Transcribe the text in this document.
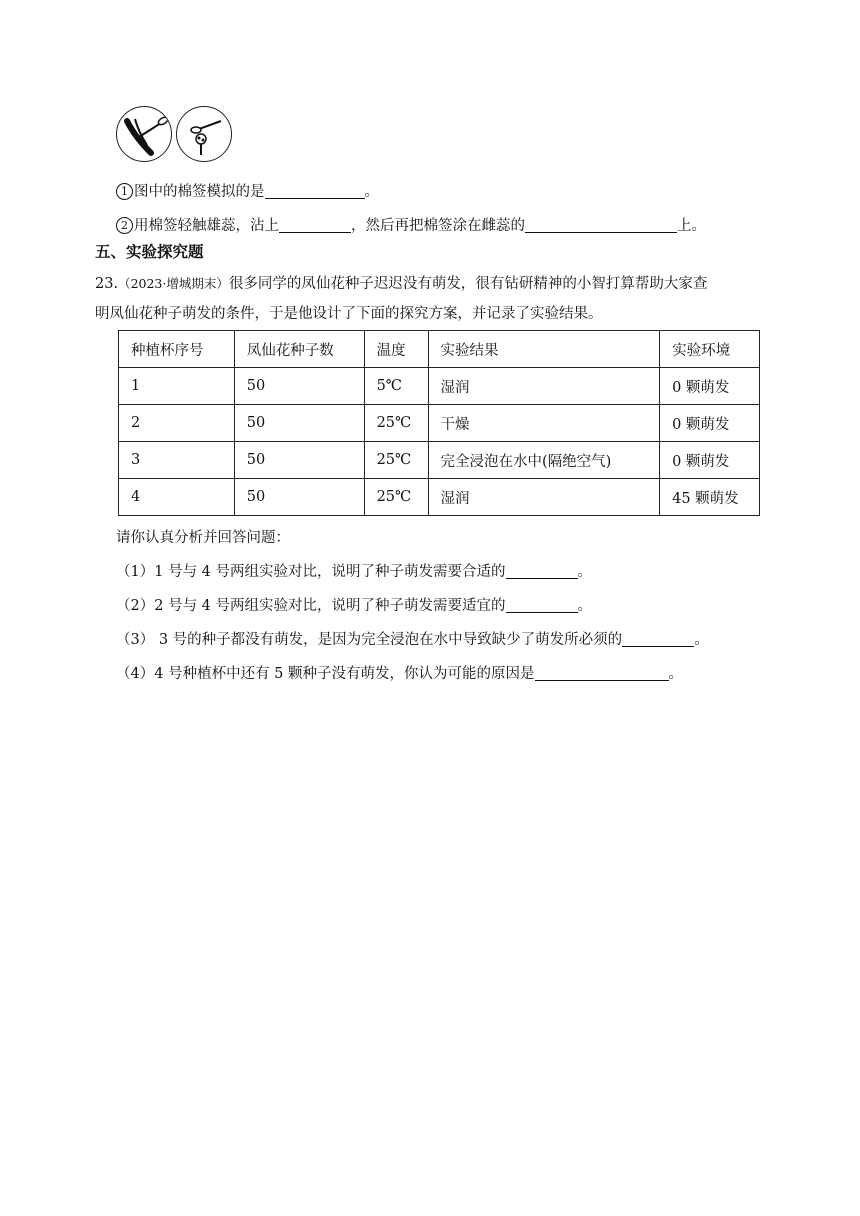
1 图中的棉签模拟的是	。
2 用棉签轻触雄蕊，沾上	，然后再把棉签涂在雌蕊的	上。
五、实验探究题
23.（2023·增城期末）很多同学的凤仙花种子迟迟没有萌发，很有钻研精神的小智打算帮助大家查
明凤仙花种子萌发的条件，于是他设计了下面的探究方案，并记录了实验结果。
种植杯序号	凤仙花种子数	温度	实验结果	实验环境
1	50	5℃	湿润	0 颗萌发
2	50	25℃	干燥	0 颗萌发
3	50	25℃	完全浸泡在水中(隔绝空气)	0 颗萌发
4	50	25℃	湿润	45 颗萌发
请你认真分析并回答问题：
（1）1 号与 4 号两组实验对比，说明了种子萌发需要合适的	。
（2）2 号与 4 号两组实验对比，说明了种子萌发需要适宜的	。
（3） 3 号的种子都没有萌发，是因为完全浸泡在水中导致缺少了萌发所必须的	。
（4）4 号种植杯中还有 5 颗种子没有萌发，你认为可能的原因是	。
